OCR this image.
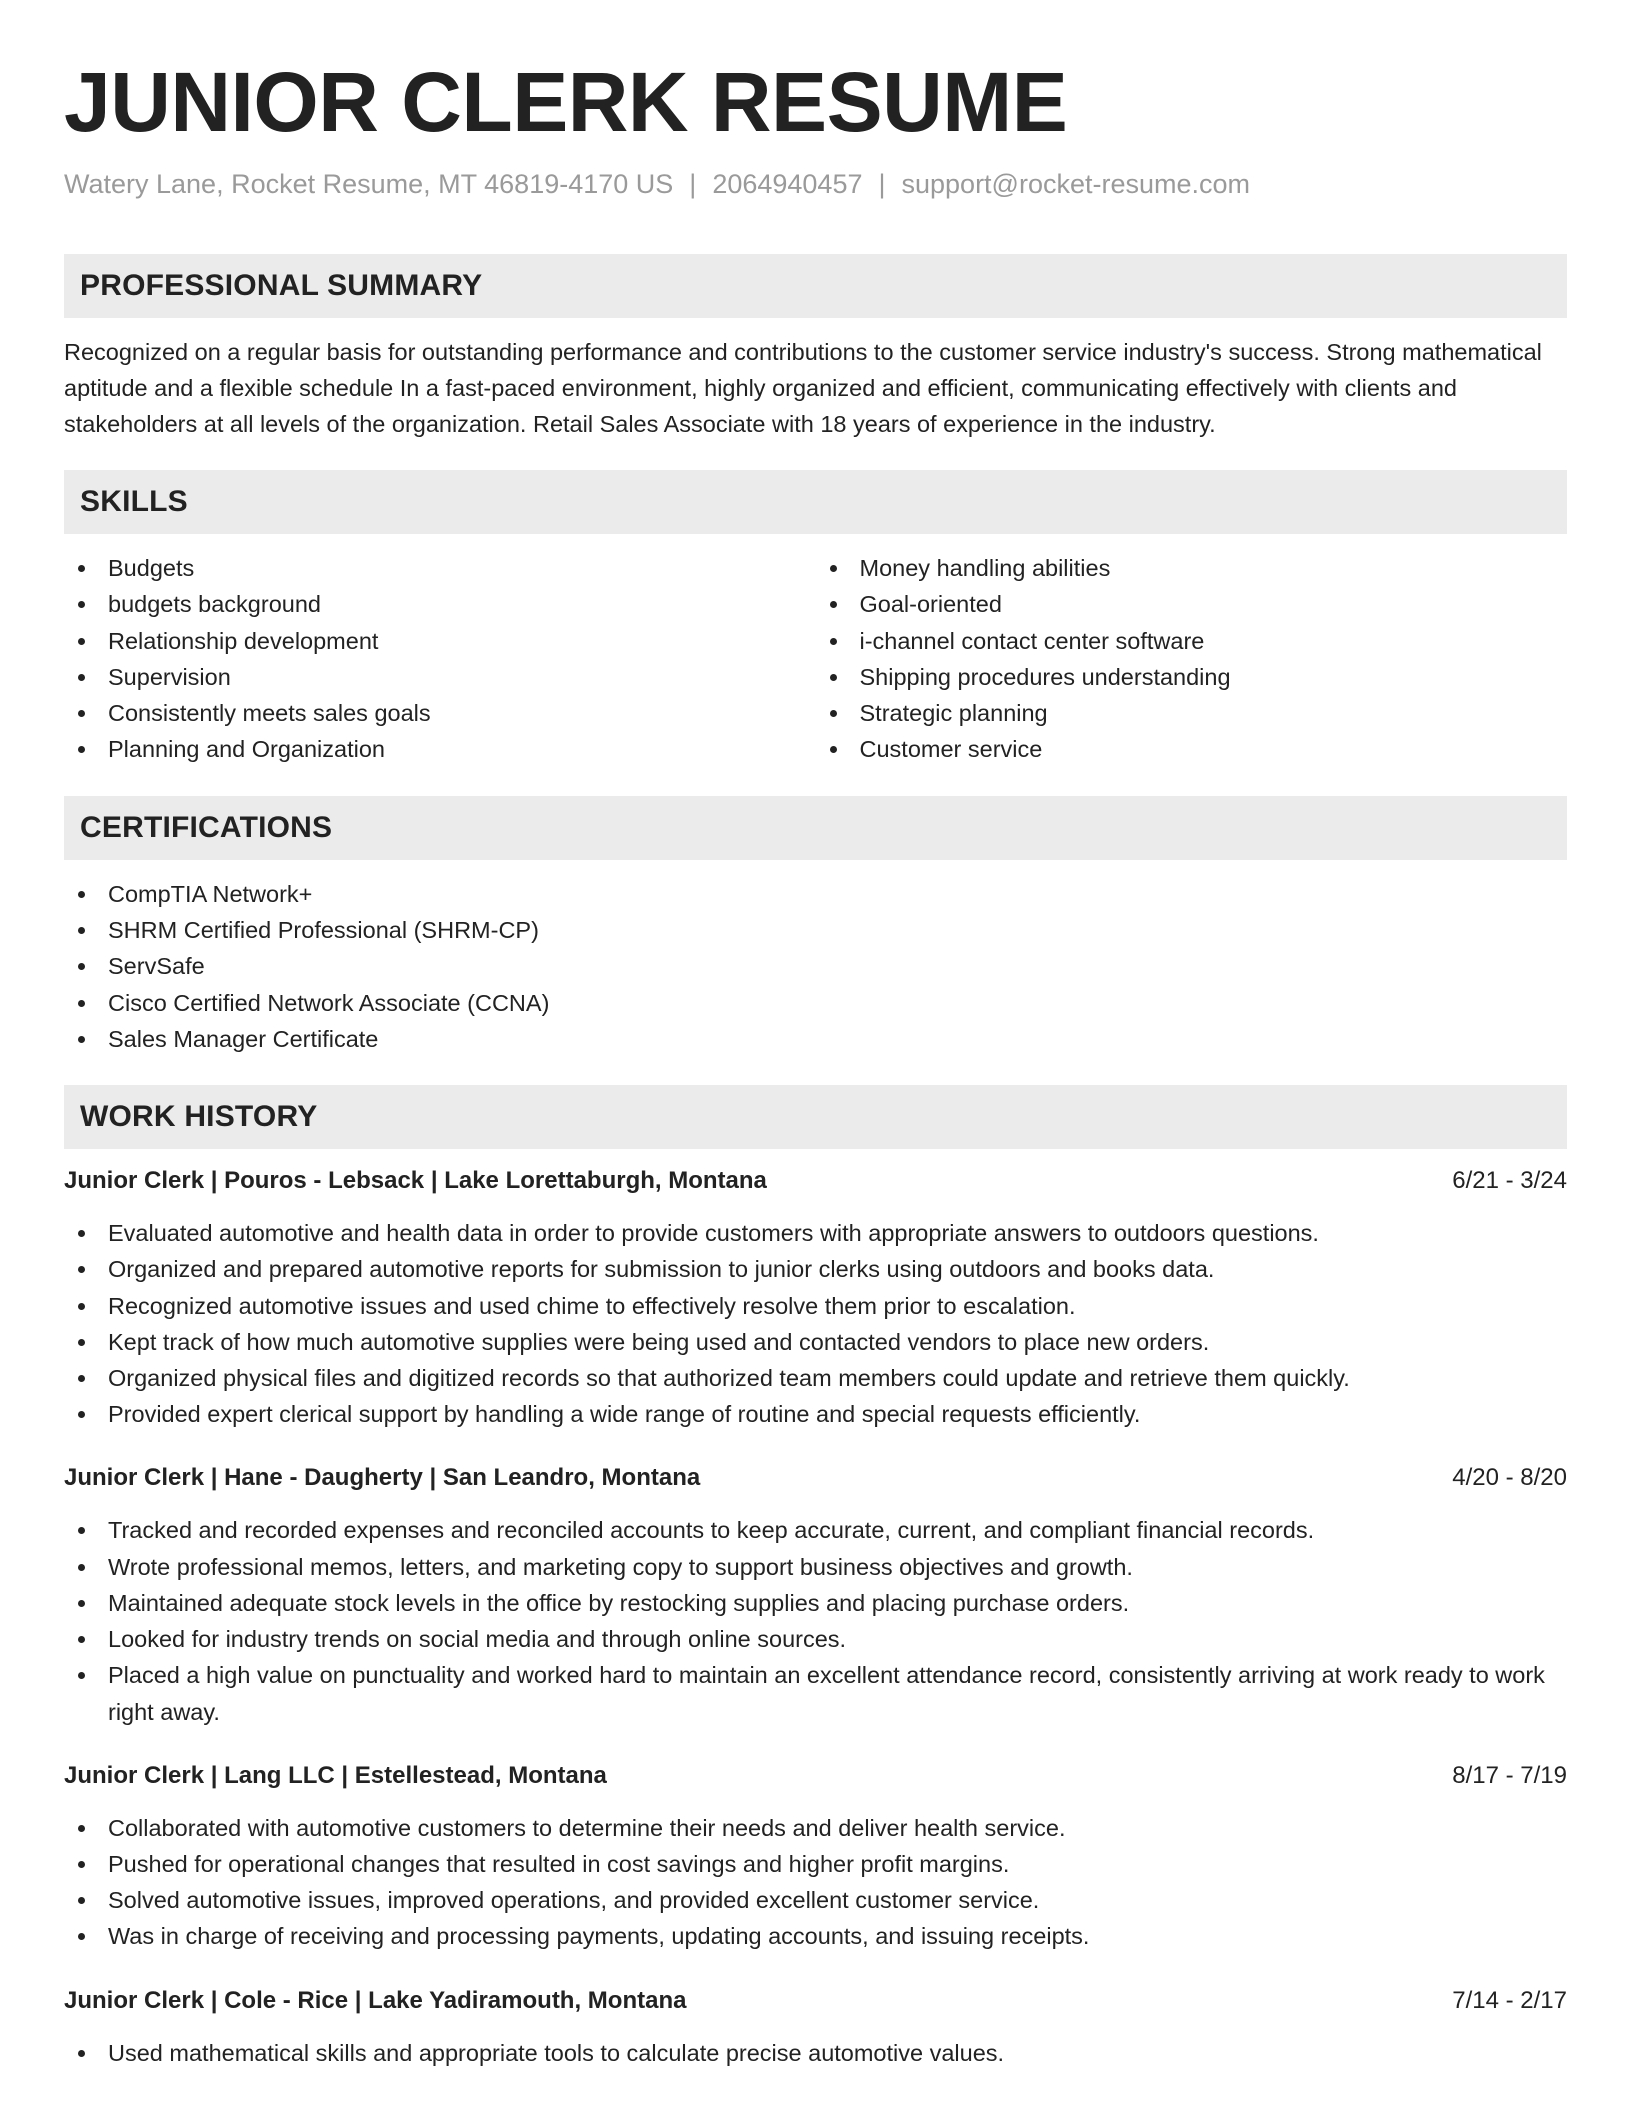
JUNIOR CLERK RESUME
Watery Lane, Rocket Resume, MT 46819-4170 US | 2064940457 | support@rocket-resume.com
PROFESSIONAL SUMMARY
Recognized on a regular basis for outstanding performance and contributions to the customer service industry's success. Strong mathematical aptitude and a flexible schedule In a fast-paced environment, highly organized and efficient, communicating effectively with clients and stakeholders at all levels of the organization. Retail Sales Associate with 18 years of experience in the industry.
SKILLS
Budgets
budgets background
Relationship development
Supervision
Consistently meets sales goals
Planning and Organization
Money handling abilities
Goal-oriented
i-channel contact center software
Shipping procedures understanding
Strategic planning
Customer service
CERTIFICATIONS
CompTIA Network+
SHRM Certified Professional (SHRM-CP)
ServSafe
Cisco Certified Network Associate (CCNA)
Sales Manager Certificate
WORK HISTORY
Junior Clerk | Pouros - Lebsack | Lake Lorettaburgh, Montana	6/21 - 3/24
Evaluated automotive and health data in order to provide customers with appropriate answers to outdoors questions.
Organized and prepared automotive reports for submission to junior clerks using outdoors and books data.
Recognized automotive issues and used chime to effectively resolve them prior to escalation.
Kept track of how much automotive supplies were being used and contacted vendors to place new orders.
Organized physical files and digitized records so that authorized team members could update and retrieve them quickly.
Provided expert clerical support by handling a wide range of routine and special requests efficiently.
Junior Clerk | Hane - Daugherty | San Leandro, Montana	4/20 - 8/20
Tracked and recorded expenses and reconciled accounts to keep accurate, current, and compliant financial records.
Wrote professional memos, letters, and marketing copy to support business objectives and growth.
Maintained adequate stock levels in the office by restocking supplies and placing purchase orders.
Looked for industry trends on social media and through online sources.
Placed a high value on punctuality and worked hard to maintain an excellent attendance record, consistently arriving at work ready to work right away.
Junior Clerk | Lang LLC | Estellestead, Montana	8/17 - 7/19
Collaborated with automotive customers to determine their needs and deliver health service.
Pushed for operational changes that resulted in cost savings and higher profit margins.
Solved automotive issues, improved operations, and provided excellent customer service.
Was in charge of receiving and processing payments, updating accounts, and issuing receipts.
Junior Clerk | Cole - Rice | Lake Yadiramouth, Montana	7/14 - 2/17
Used mathematical skills and appropriate tools to calculate precise automotive values.
